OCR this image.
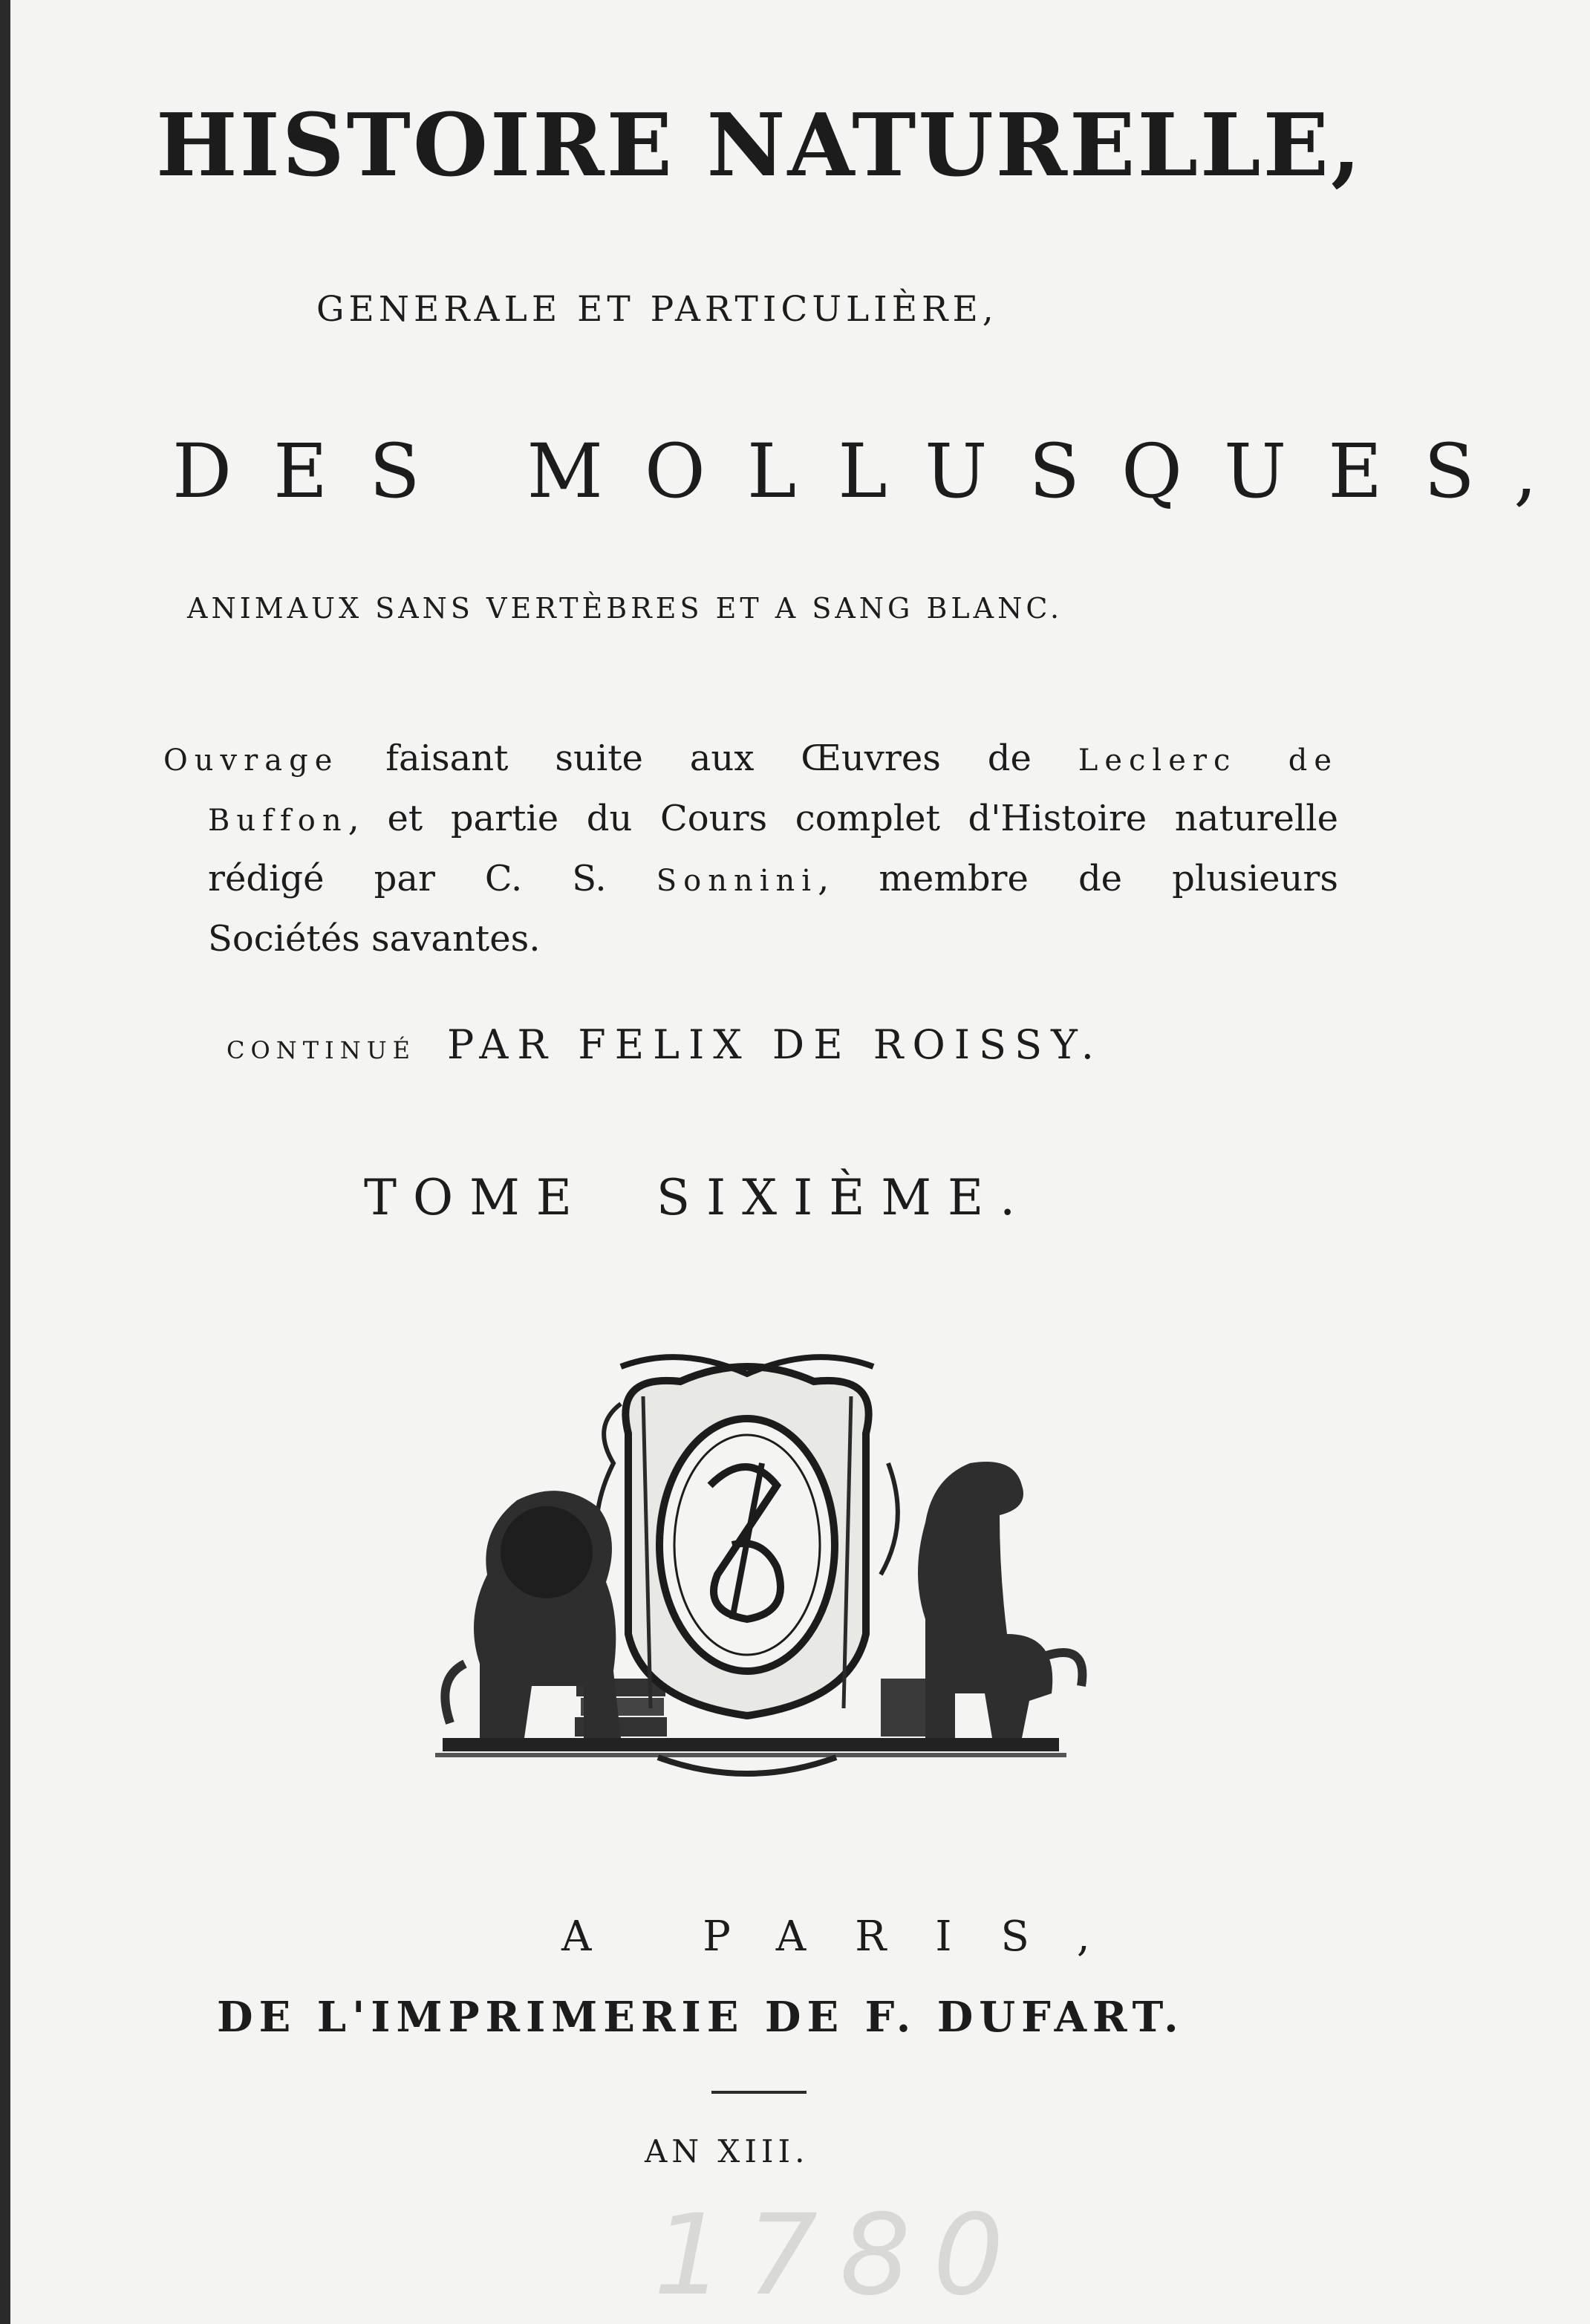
HISTOIRE NATURELLE,
GENERALE ET PARTICULIÈRE,
DES MOLLUSQUES,
ANIMAUX SANS VERTÈBRES ET A SANG BLANC.
Ouvrage faisant suite aux Œuvres de Leclerc de
Buffon, et partie du Cours complet d'Histoire naturelle
rédigé par C. S. Sonnini, membre de plusieurs
Sociétés savantes.
CONTINUÉ PAR FELIX DE ROISSY.
TOME SIXIÈME.
A PARIS,
DE L'IMPRIMERIE DE F. DUFART.
AN XIII.
1780
